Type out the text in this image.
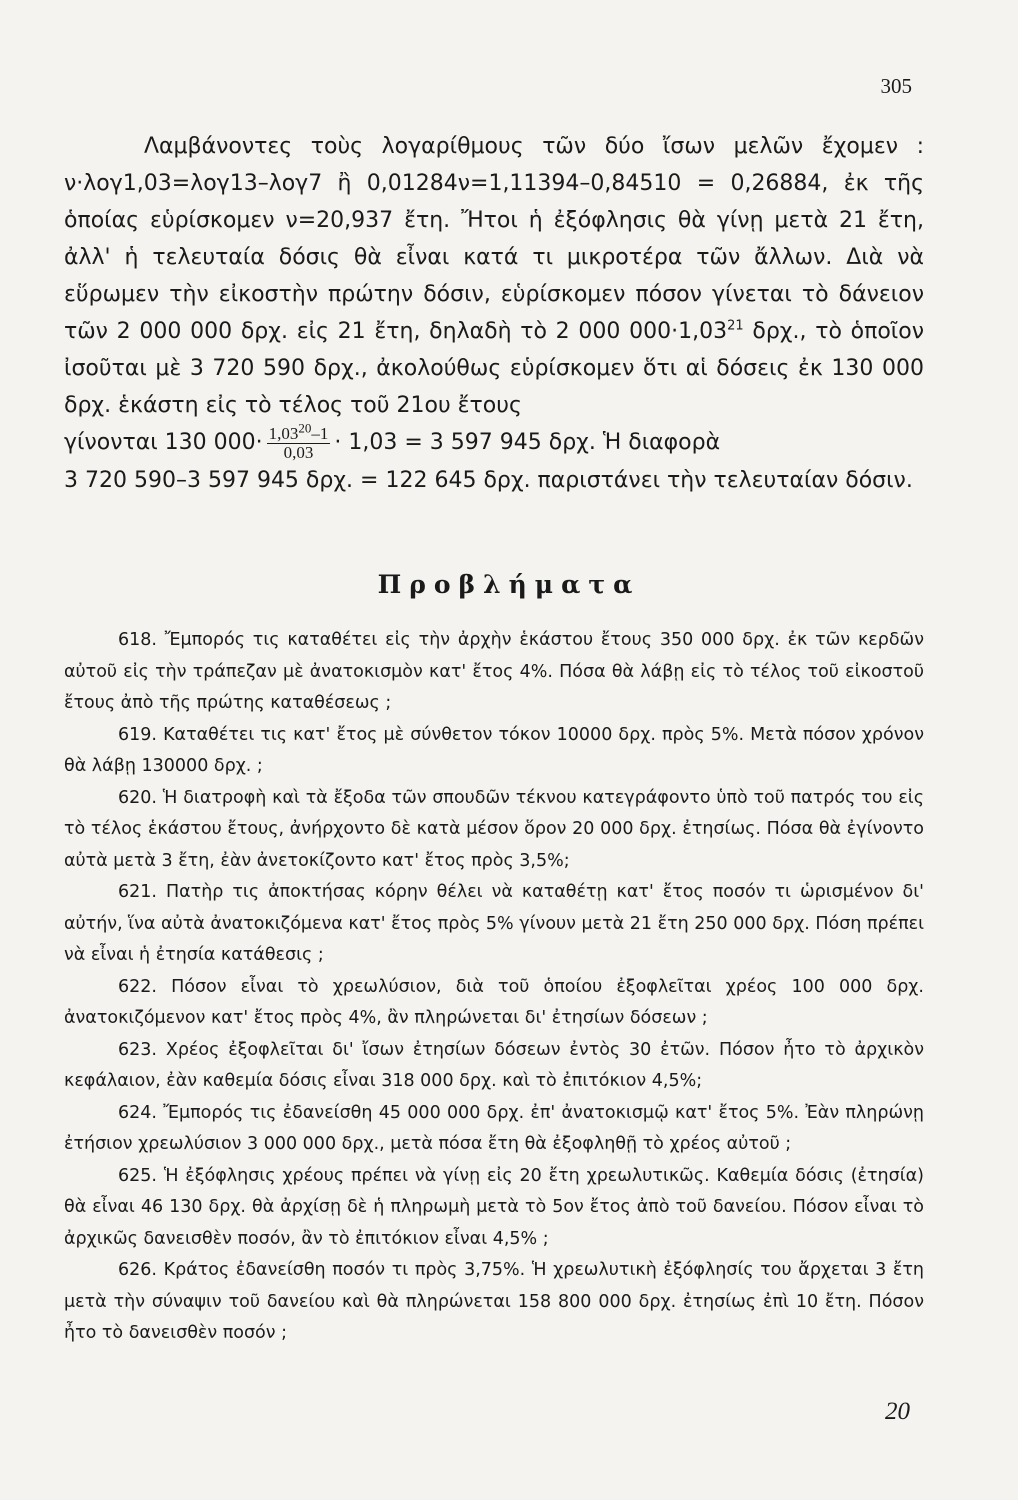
305

Λαμβάνοντες τοὺς λογαρίθμους τῶν δύο ἴσων μελῶν ἔχομεν : ν·λογ1,03=λογ13–λογ7 ἢ 0,01284ν=1,11394–0,84510 = 0,26884, ἐκ τῆς ὁποίας εὑρίσκομεν ν=20,937 ἔτη. Ἤτοι ἡ ἐξόφλησις θὰ γίνῃ μετὰ 21 ἔτη, ἀλλ' ἡ τελευταία δόσις θὰ εἶναι κατά τι μικροτέρα τῶν ἄλλων. Διὰ νὰ εὕρωμεν τὴν εἰκοστὴν πρώτην δόσιν, εὑρίσκομεν πόσον γίνεται τὸ δάνειον τῶν 2 000 000 δρχ. εἰς 21 ἔτη, δηλαδὴ τὸ 2 000 $000\cdot 1,03^{21}$ δρχ., τὸ ὁποῖον ἰσοῦται μὲ 3 720 590 δρχ., ἀκολούθως εὑρίσκομεν ὅτι αἱ δόσεις ἐκ 130 000 δρχ. ἑκάστη εἰς τὸ τέλος τοῦ 21ου ἔτους

γίνονται 130 $000\cdot \frac{1,03^{20}-1}{0,03} \cdot 1,03 = 3$ 597 945 δρχ. Ἡ διαφορὰ

3 720 590–3 597 945 δρχ. = 122 645 δρχ. παριστάνει τὴν τελευταίαν δόσιν.

Προβλήματα

618. Ἔμπορός τις καταθέτει εἰς τὴν ἀρχὴν ἑκάστου ἔτους 350 000 δρχ. ἐκ τῶν κερδῶν αὐτοῦ εἰς τὴν τράπεζαν μὲ ἀνατοκισμὸν κατ' ἔτος 4%. Πόσα θὰ λάβῃ εἰς τὸ τέλος τοῦ εἰκοστοῦ ἔτους ἀπὸ τῆς πρώτης καταθέσεως ;

619. Καταθέτει τις κατ' ἔτος μὲ σύνθετον τόκον 10000 δρχ. πρὸς 5%. Μετὰ πόσον χρόνον θὰ λάβῃ 130000 δρχ. ;

620. Ἡ διατροφὴ καὶ τὰ ἔξοδα τῶν σπουδῶν τέκνου κατεγράφοντο ὑπὸ τοῦ πατρός του εἰς τὸ τέλος ἑκάστου ἔτους, ἀνήρχοντο δὲ κατὰ μέσον ὅρον 20 000 δρχ. ἐτησίως. Πόσα θὰ ἐγίνοντο αὐτὰ μετὰ 3 ἔτη, ἐὰν ἀνετοκίζοντο κατ' ἔτος πρὸς 3,5%;

621. Πατὴρ τις ἀποκτήσας κόρην θέλει νὰ καταθέτῃ κατ' ἔτος ποσόν τι ὡρισμένον δι' αὐτήν, ἵνα αὐτὰ ἀνατοκιζόμενα κατ' ἔτος πρὸς 5% γίνουν μετὰ 21 ἔτη 250 000 δρχ. Πόση πρέπει νὰ εἶναι ἡ ἐτησία κατάθεσις ;

622. Πόσον εἶναι τὸ χρεωλύσιον, διὰ τοῦ ὁποίου ἐξοφλεῖται χρέος 100 000 δρχ. ἀνατοκιζόμενον κατ' ἔτος πρὸς 4%, ἂν πληρώνεται δι' ἐτησίων δόσεων ;

623. Χρέος ἐξοφλεῖται δι' ἴσων ἐτησίων δόσεων ἐντὸς 30 ἐτῶν. Πόσον ἦτο τὸ ἀρχικὸν κεφάλαιον, ἐὰν καθεμία δόσις εἶναι 318 000 δρχ. καὶ τὸ ἐπιτόκιον 4,5%;

624. Ἔμπορός τις ἐδανείσθη 45 000 000 δρχ. ἐπ' ἀνατοκισμῷ κατ' ἔτος 5%. Ἐὰν πληρώνῃ ἐτήσιον χρεωλύσιον 3 000 000 δρχ., μετὰ πόσα ἔτη θὰ ἐξοφληθῇ τὸ χρέος αὐτοῦ ;

625. Ἡ ἐξόφλησις χρέους πρέπει νὰ γίνῃ εἰς 20 ἔτη χρεωλυτικῶς. Καθεμία δόσις (ἐτησία) θὰ εἶναι 46 130 δρχ. θὰ ἀρχίσῃ δὲ ἡ πληρωμὴ μετὰ τὸ 5ον ἔτος ἀπὸ τοῦ δανείου. Πόσον εἶναι τὸ ἀρχικῶς δανεισθὲν ποσόν, ἂν τὸ ἐπιτόκιον εἶναι 4,5% ;

626. Κράτος ἐδανείσθη ποσόν τι πρὸς 3,75%. Ἡ χρεωλυτικὴ ἐξόφλησίς του ἄρχεται 3 ἔτη μετὰ τὴν σύναψιν τοῦ δανείου καὶ θὰ πληρώνεται 158 800 000 δρχ. ἐτησίως ἐπὶ 10 ἔτη. Πόσον ἦτο τὸ δανεισθὲν ποσόν ;

20
